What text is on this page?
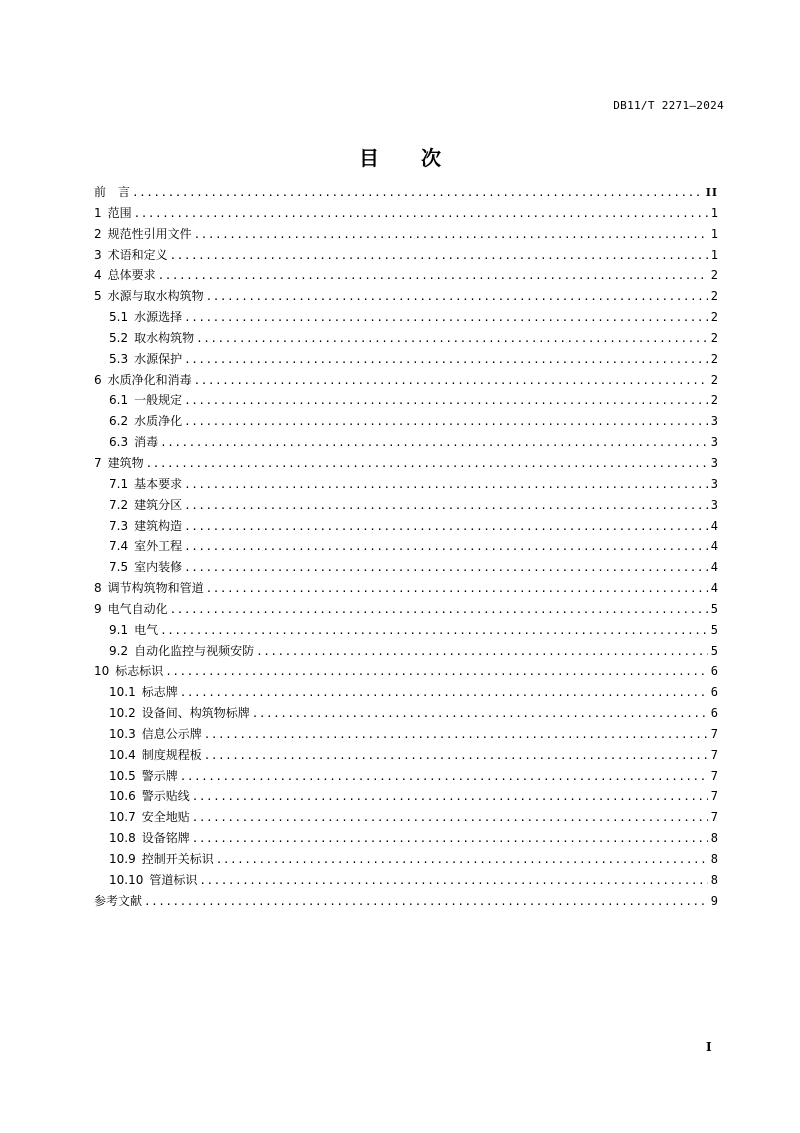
DB11/T 2271—2024
目 次
前　言 .....	II
1 范围 .....	1
2 规范性引用文件 .....	1
3 术语和定义 .....	1
4 总体要求 .....	2
5 水源与取水构筑物 .....	2
5.1 水源选择 .....	2
5.2 取水构筑物 .....	2
5.3 水源保护 .....	2
6 水质净化和消毒 .....	2
6.1 一般规定 .....	2
6.2 水质净化 .....	3
6.3 消毒 .....	3
7 建筑物 .....	3
7.1 基本要求 .....	3
7.2 建筑分区 .....	3
7.3 建筑构造 .....	4
7.4 室外工程 .....	4
7.5 室内装修 .....	4
8 调节构筑物和管道 .....	4
9 电气自动化 .....	5
9.1 电气 .....	5
9.2 自动化监控与视频安防 .....	5
10 标志标识 .....	6
10.1 标志牌 .....	6
10.2 设备间、构筑物标牌 .....	6
10.3 信息公示牌 .....	7
10.4 制度规程板 .....	7
10.5 警示牌 .....	7
10.6 警示贴线 .....	7
10.7 安全地贴 .....	7
10.8 设备铭牌 .....	8
10.9 控制开关标识 .....	8
10.10 管道标识 .....	8
参考文献 .....	9
I
